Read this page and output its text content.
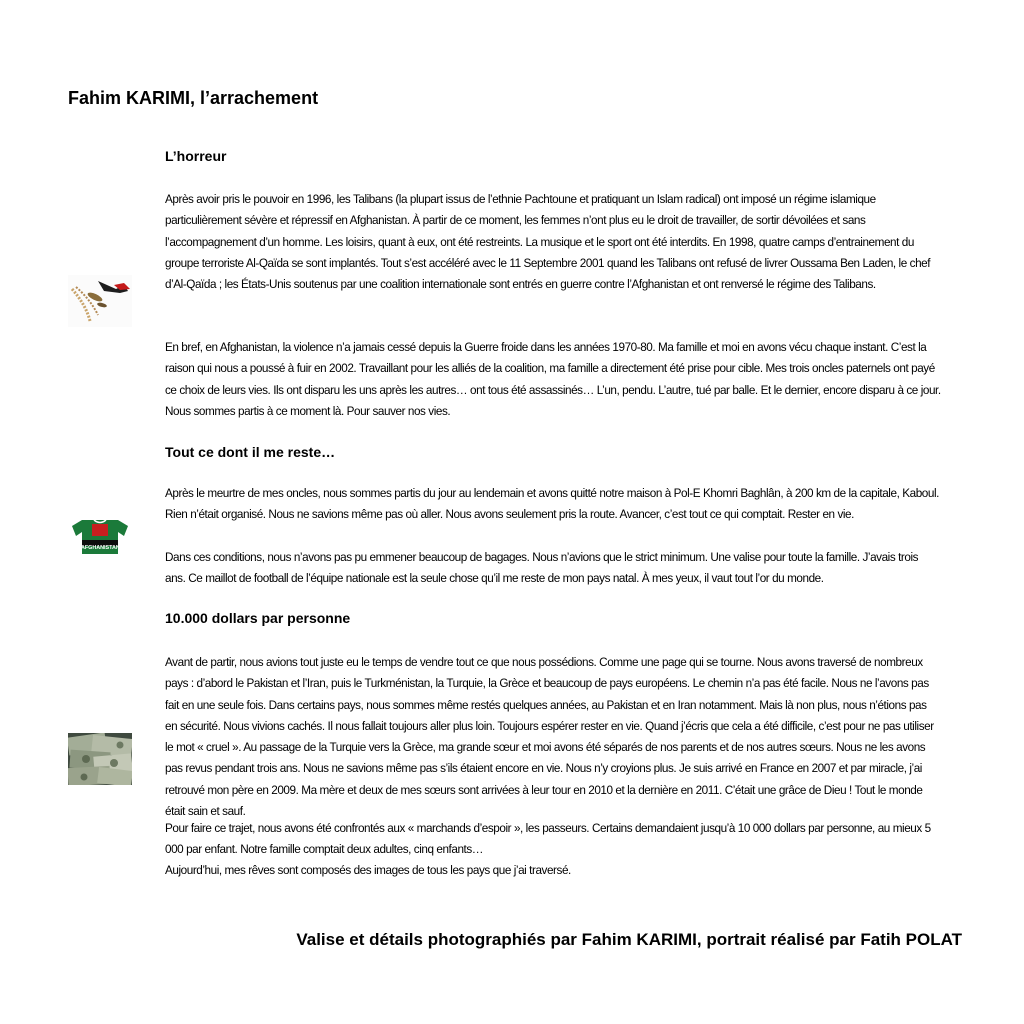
Fahim KARIMI, l’arrachement
L’horreur

Après avoir pris le pouvoir en 1996, les Talibans (la plupart issus de l’ethnie Pachtoune et pratiquant un Islam radical) ont imposé un régime islamique particulièrement sévère et répressif en Afghanistan. À partir de ce moment, les femmes n’ont plus eu le droit de travailler, de sortir dévoilées et sans l’accompagnement d’un homme. Les loisirs, quant à eux, ont été restreints. La musique et le sport ont été interdits. En 1998, quatre camps d’entrainement du groupe terroriste Al-Qaïda se sont implantés. Tout s’est accéléré avec le 11 Septembre 2001 quand les Talibans ont refusé de livrer Oussama Ben Laden, le chef d’Al-Qaïda ; les États-Unis soutenus par une coalition internationale sont entrés en guerre contre l’Afghanistan et ont renversé le régime des Talibans.

En bref, en Afghanistan, la violence n’a jamais cessé depuis la Guerre froide dans les années 1970-80. Ma famille et moi en avons vécu chaque instant. C’est la raison qui nous a poussé à fuir en 2002. Travaillant pour les alliés de la coalition, ma famille a directement été prise pour cible. Mes trois oncles paternels ont payé ce choix de leurs vies. Ils ont disparu les uns après les autres… ont tous été assassinés… L’un, pendu. L’autre, tué par balle. Et le dernier, encore disparu à ce jour. Nous sommes partis à ce moment là. Pour sauver nos vies.

Tout ce dont il me reste…

Après le meurtre de mes oncles, nous sommes partis du jour au lendemain et avons quitté notre maison à Pol-E Khomri Baghlân, à 200 km de la capitale, Kaboul. Rien n’était organisé. Nous ne savions même pas où aller. Nous avons seulement pris la route. Avancer, c’est tout ce qui comptait. Rester en vie.

Dans ces conditions, nous n’avons pas pu emmener beaucoup de bagages. Nous n’avions que le strict minimum. Une valise pour toute la famille. J’avais trois ans. Ce maillot de football de l’équipe nationale est la seule chose qu’il me reste de mon pays natal. À mes yeux, il vaut tout l’or du monde.

AFGHANISTAN
10.000 dollars par personne

Avant de partir, nous avions tout juste eu le temps de vendre tout ce que nous possédions. Comme une page qui se tourne. Nous avons traversé de nombreux pays : d’abord le Pakistan et l’Iran, puis le Turkménistan, la Turquie, la Grèce et beaucoup de pays européens. Le chemin n’a pas été facile. Nous ne l’avons pas fait en une seule fois. Dans certains pays, nous sommes même restés quelques années, au Pakistan et en Iran notamment. Mais là non plus, nous n’étions pas en sécurité. Nous vivions cachés. Il nous fallait toujours aller plus loin. Toujours espérer rester en vie. Quand j’écris que cela a été difficile, c’est pour ne pas utiliser le mot « cruel ». Au passage de la Turquie vers la Grèce, ma grande sœur et moi avons été séparés de nos parents et de nos autres sœurs. Nous ne les avons pas revus pendant trois ans. Nous ne savions même pas s’ils étaient encore en vie. Nous n’y croyions plus. Je suis arrivé en France en 2007 et par miracle, j’ai retrouvé mon père en 2009. Ma mère et deux de mes sœurs sont arrivées à leur tour en 2010 et la dernière en 2011. C’était une grâce de Dieu ! Tout le monde était sain et sauf.

Pour faire ce trajet, nous avons été confrontés aux « marchands d’espoir », les passeurs. Certains demandaient jusqu’à 10 000 dollars par personne, au mieux 5 000 par enfant. Notre famille comptait deux adultes, cinq enfants…

Aujourd’hui, mes rêves sont composés des images de tous les pays que j’ai traversé.

Valise et détails photographiés par Fahim KARIMI, portrait réalisé par Fatih POLAT
